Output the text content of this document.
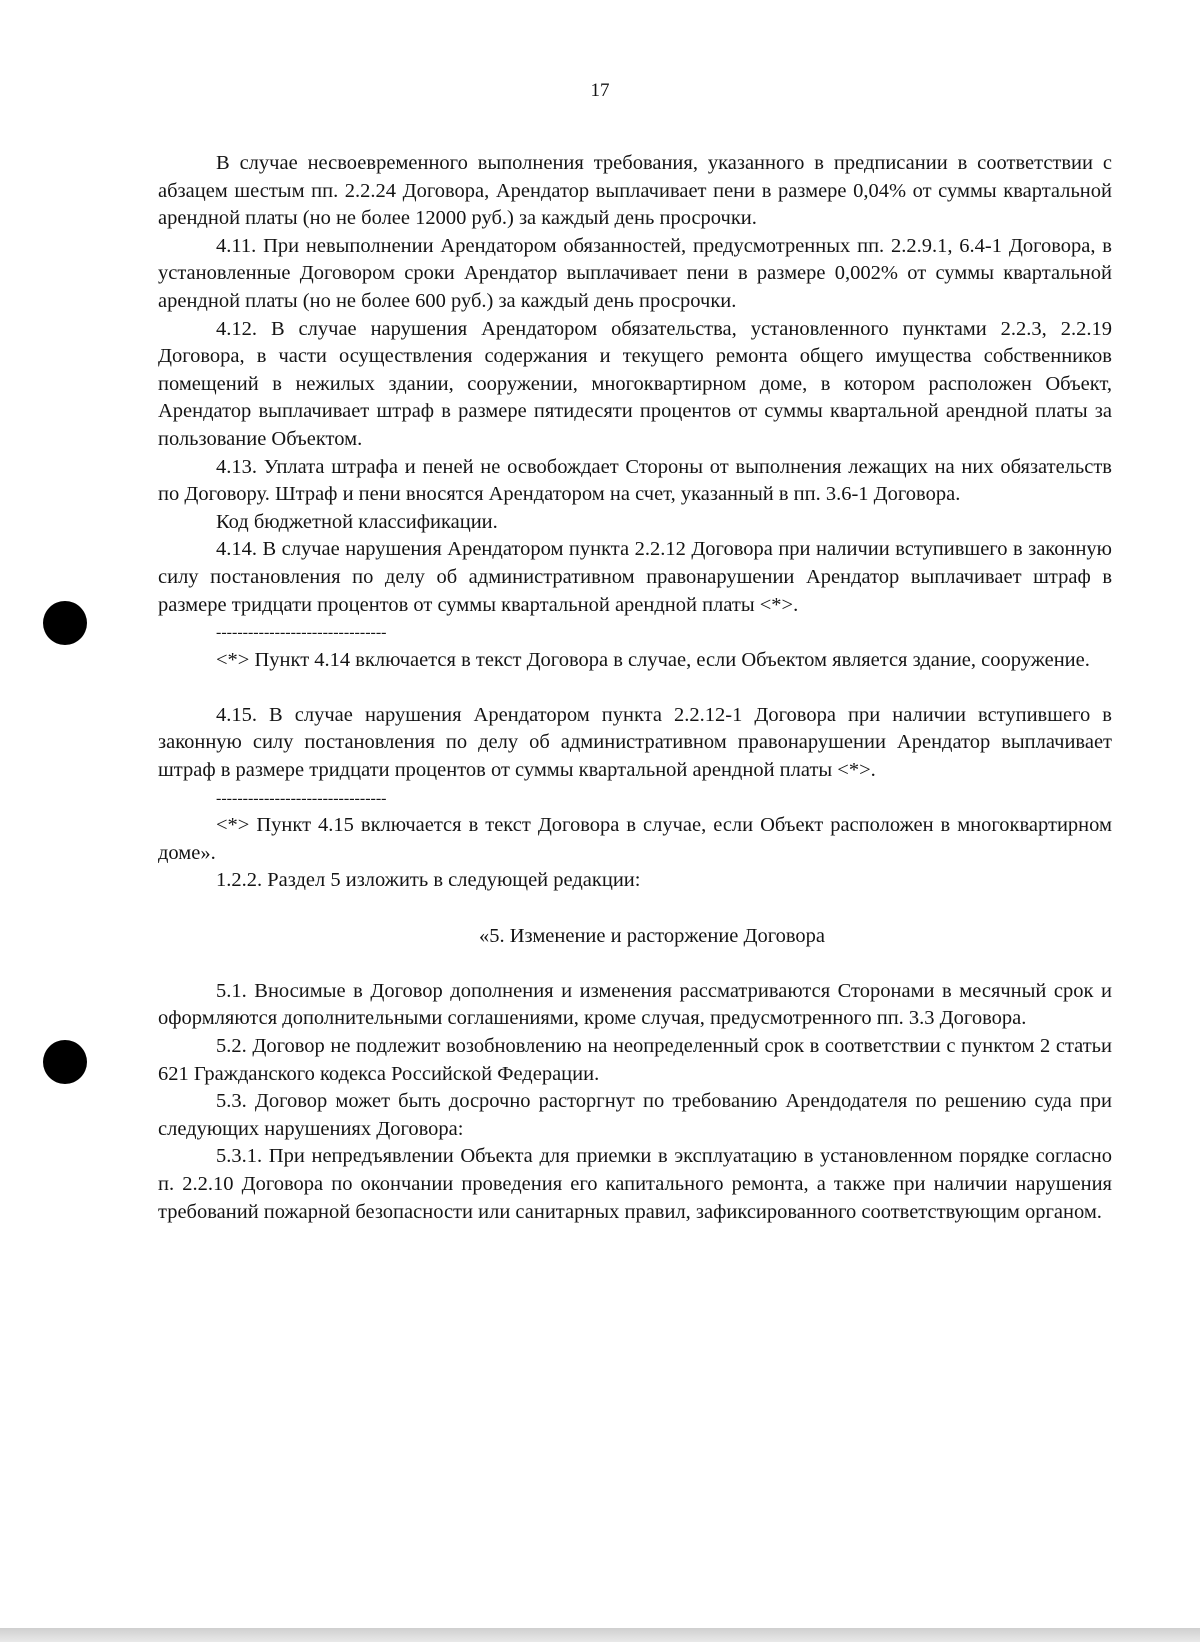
17

В случае несвоевременного выполнения требования, указанного в предписании в соответствии с абзацем шестым пп. 2.2.24 Договора, Арендатор выплачивает пени в размере 0,04% от суммы квартальной арендной платы (но не более 12000 руб.) за каждый день просрочки.

4.11. При невыполнении Арендатором обязанностей, предусмотренных пп. 2.2.9.1, 6.4-1 Договора, в установленные Договором сроки Арендатор выплачивает пени в размере 0,002% от суммы квартальной арендной платы (но не более 600 руб.) за каждый день просрочки.

4.12. В случае нарушения Арендатором обязательства, установленного пунктами 2.2.3, 2.2.19 Договора, в части осуществления содержания и текущего ремонта общего имущества собственников помещений в нежилых здании, сооружении, многоквартирном доме, в котором расположен Объект, Арендатор выплачивает штраф в размере пятидесяти процентов от суммы квартальной арендной платы за пользование Объектом.

4.13. Уплата штрафа и пеней не освобождает Стороны от выполнения лежащих на них обязательств по Договору. Штраф и пени вносятся Арендатором на счет, указанный в пп. 3.6-1 Договора.

Код бюджетной классификации.

4.14. В случае нарушения Арендатором пункта 2.2.12 Договора при наличии вступившего в законную силу постановления по делу об административном правонарушении Арендатор выплачивает штраф в размере тридцати процентов от суммы квартальной арендной платы <*>.

--------------------------------

<*> Пункт 4.14 включается в текст Договора в случае, если Объектом является здание, сооружение.

4.15. В случае нарушения Арендатором пункта 2.2.12-1 Договора при наличии вступившего в законную силу постановления по делу об административном правонарушении Арендатор выплачивает штраф в размере тридцати процентов от суммы квартальной арендной платы <*>.

--------------------------------

<*> Пункт 4.15 включается в текст Договора в случае, если Объект расположен в многоквартирном доме».

1.2.2. Раздел 5 изложить в следующей редакции:

«5. Изменение и расторжение Договора

5.1. Вносимые в Договор дополнения и изменения рассматриваются Сторонами в месячный срок и оформляются дополнительными соглашениями, кроме случая, предусмотренного пп. 3.3 Договора.

5.2. Договор не подлежит возобновлению на неопределенный срок в соответствии с пунктом 2 статьи 621 Гражданского кодекса Российской Федерации.

5.3. Договор может быть досрочно расторгнут по требованию Арендодателя по решению суда при следующих нарушениях Договора:

5.3.1. При непредъявлении Объекта для приемки в эксплуатацию в установленном порядке согласно п. 2.2.10 Договора по окончании проведения его капитального ремонта, а также при наличии нарушения требований пожарной безопасности или санитарных правил, зафиксированного соответствующим органом.
